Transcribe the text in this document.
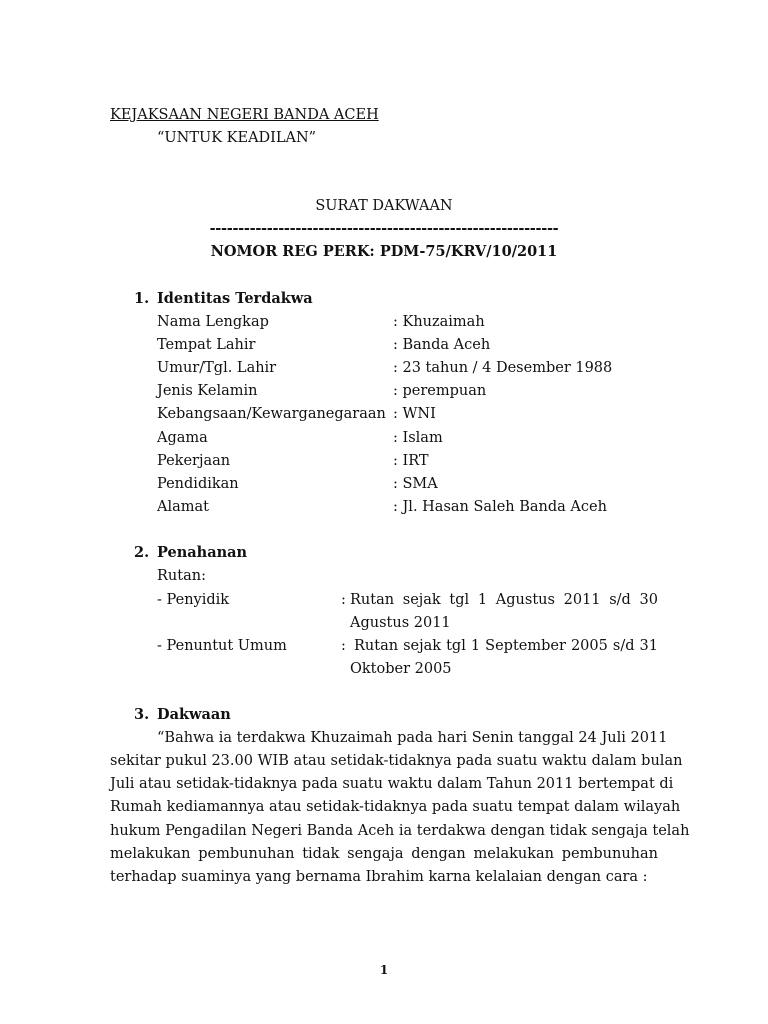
KEJAKSAAN NEGERI BANDA ACEH
“UNTUK KEADILAN”
SURAT DAKWAAN
-------------------------------------------------------------
NOMOR REG PERK: PDM-75/KRV/10/2011
1. Identitas Terdakwa
Nama Lengkap	: Khuzaimah
Tempat Lahir	: Banda Aceh
Umur/Tgl. Lahir	: 23 tahun / 4 Desember 1988
Jenis Kelamin	: perempuan
Kebangsaan/Kewarganegaraan : WNI
Agama	: Islam
Pekerjaan	: IRT
Pendidikan	: SMA
Alamat	: Jl. Hasan Saleh Banda Aceh
2. Penahanan
Rutan:
- Penyidik	: Rutan sejak tgl 1 Agustus 2011 s/d 30
Agustus 2011
- Penuntut Umum	: Rutan sejak tgl 1 September 2005 s/d 31
Oktober 2005
3. Dakwaan
“Bahwa ia terdakwa Khuzaimah pada hari Senin tanggal 24 Juli 2011
sekitar pukul 23.00 WIB atau setidak-tidaknya pada suatu waktu dalam bulan
Juli atau setidak-tidaknya pada suatu waktu dalam Tahun 2011 bertempat di
Rumah kediamannya atau setidak-tidaknya pada suatu tempat dalam wilayah
hukum Pengadilan Negeri Banda Aceh ia terdakwa dengan tidak sengaja telah
melakukan pembunuhan tidak sengaja dengan melakukan pembunuhan
terhadap suaminya yang bernama Ibrahim karna kelalaian dengan cara :
1
